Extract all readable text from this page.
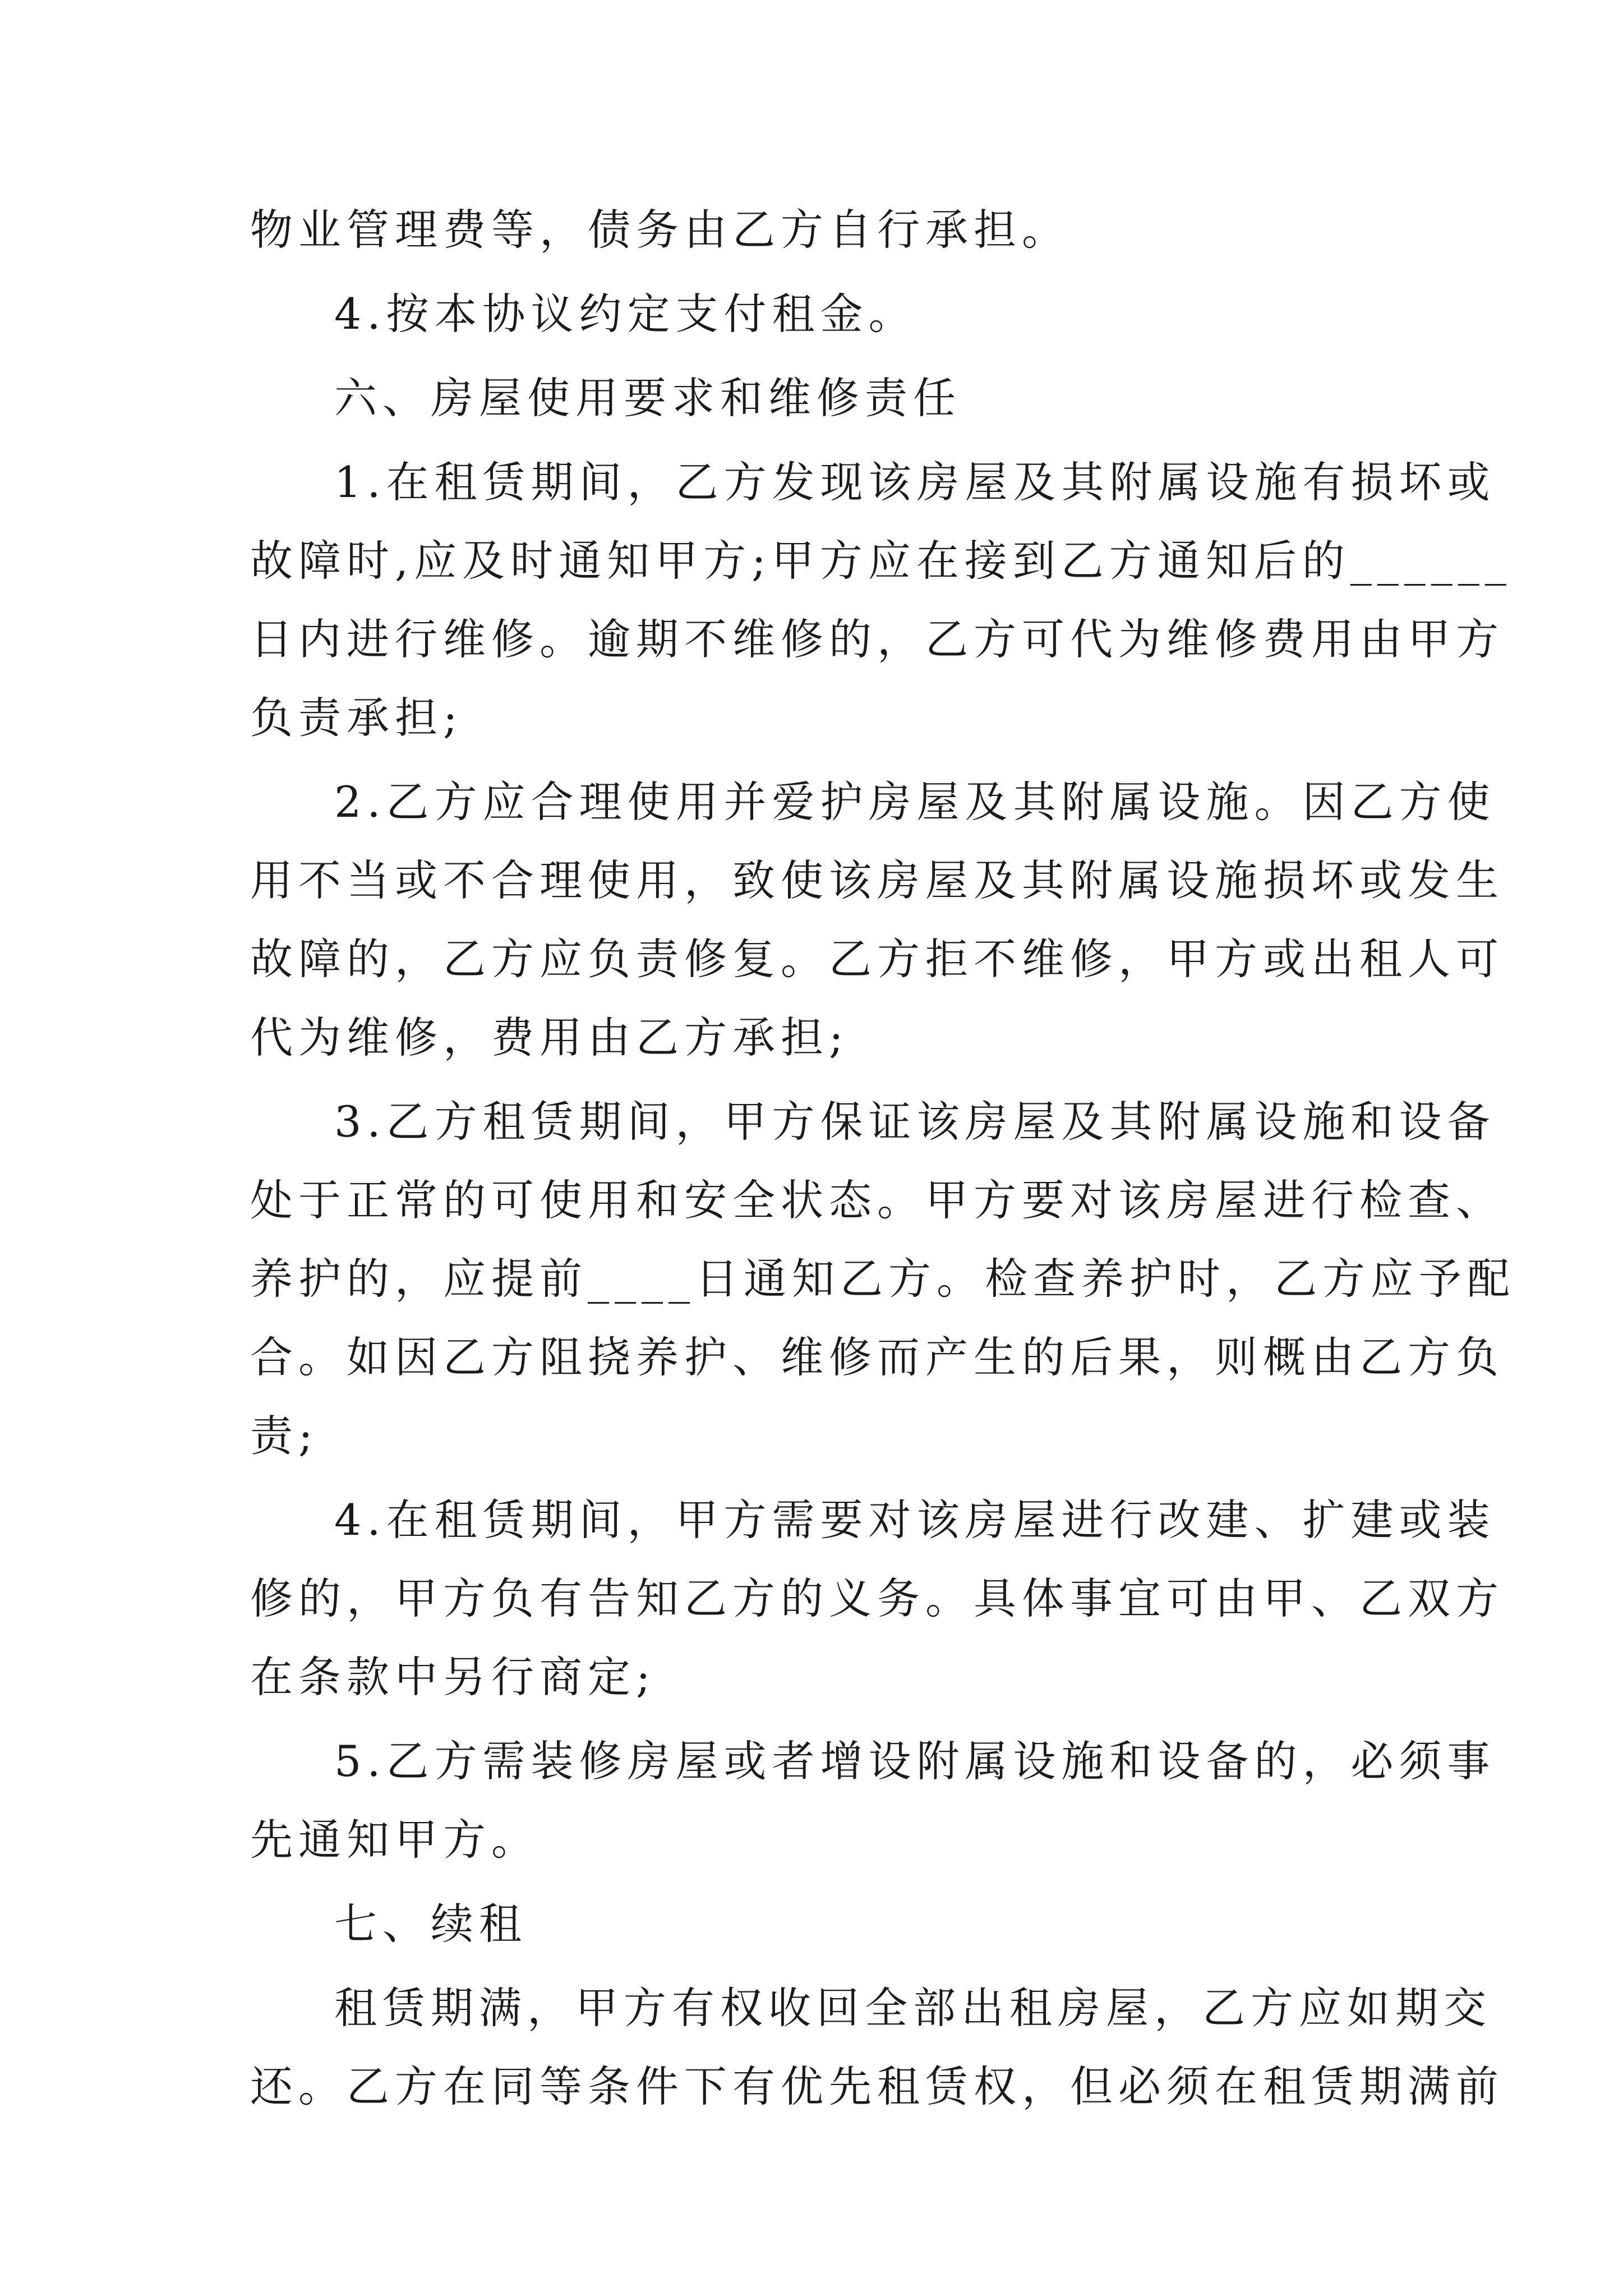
物业管理费等，债务由乙方自行承担。
4.按本协议约定支付租金。
六、房屋使用要求和维修责任
1.在租赁期间，乙方发现该房屋及其附属设施有损坏或
故障时,应及时通知甲方;甲方应在接到乙方通知后的______
日内进行维修。逾期不维修的，乙方可代为维修费用由甲方
负责承担;
2.乙方应合理使用并爱护房屋及其附属设施。因乙方使
用不当或不合理使用，致使该房屋及其附属设施损坏或发生
故障的，乙方应负责修复。乙方拒不维修，甲方或出租人可
代为维修，费用由乙方承担;
3.乙方租赁期间，甲方保证该房屋及其附属设施和设备
处于正常的可使用和安全状态。甲方要对该房屋进行检查、
养护的，应提前____日通知乙方。检查养护时，乙方应予配
合。如因乙方阻挠养护、维修而产生的后果，则概由乙方负
责;
4.在租赁期间，甲方需要对该房屋进行改建、扩建或装
修的，甲方负有告知乙方的义务。具体事宜可由甲、乙双方
在条款中另行商定;
5.乙方需装修房屋或者增设附属设施和设备的，必须事
先通知甲方。
七、续租
租赁期满，甲方有权收回全部出租房屋，乙方应如期交
还。乙方在同等条件下有优先租赁权，但必须在租赁期满前
